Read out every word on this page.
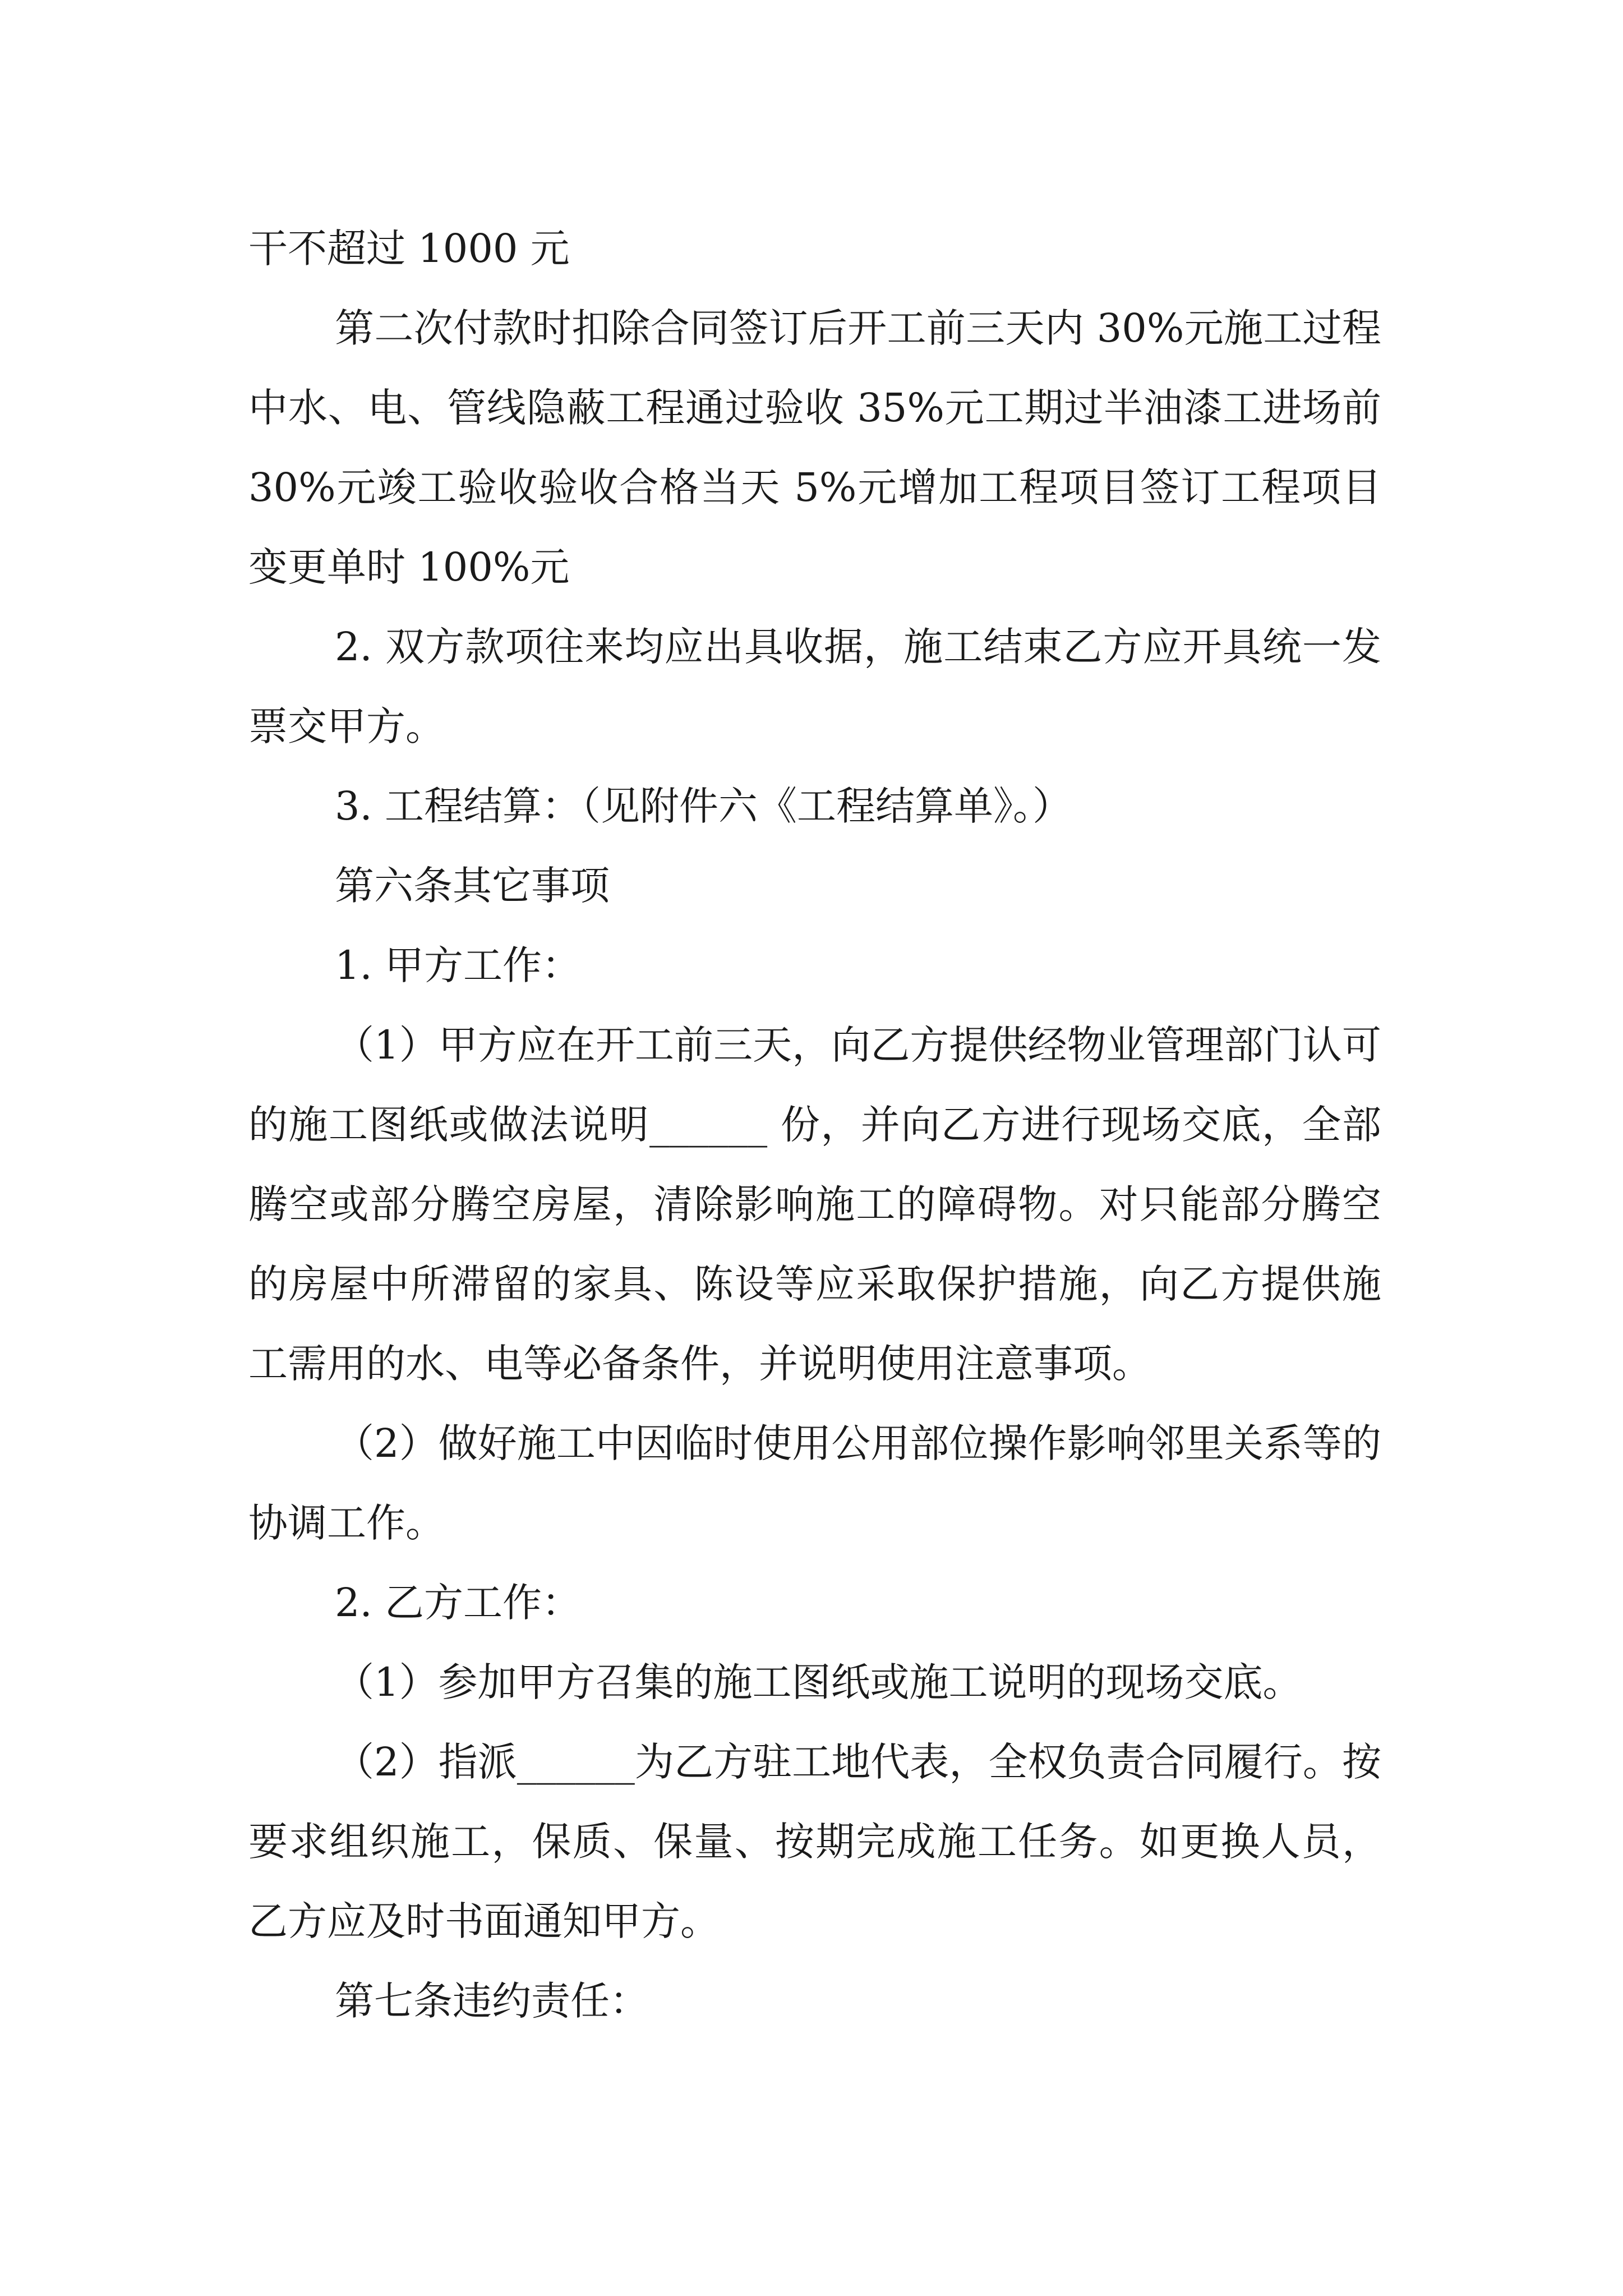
干不超过 1000 元

第二次付款时扣除合同签订后开工前三天内 30%元施工过程中水、电、管线隐蔽工程通过验收 35%元工期过半油漆工进场前 30%元竣工验收验收合格当天 5%元增加工程项目签订工程项目变更单时 100%元

2. 双方款项往来均应出具收据，施工结束乙方应开具统一发票交甲方。

3. 工程结算：（见附件六《工程结算单》。）

第六条其它事项

1. 甲方工作：

（1）甲方应在开工前三天，向乙方提供经物业管理部门认可的施工图纸或做法说明______ 份，并向乙方进行现场交底，全部腾空或部分腾空房屋，清除影响施工的障碍物。对只能部分腾空的房屋中所滞留的家具、陈设等应采取保护措施，向乙方提供施工需用的水、电等必备条件，并说明使用注意事项。

（2）做好施工中因临时使用公用部位操作影响邻里关系等的协调工作。

2. 乙方工作：

（1）参加甲方召集的施工图纸或施工说明的现场交底。

（2）指派______为乙方驻工地代表，全权负责合同履行。按要求组织施工，保质、保量、按期完成施工任务。如更换人员，乙方应及时书面通知甲方。

第七条违约责任：
